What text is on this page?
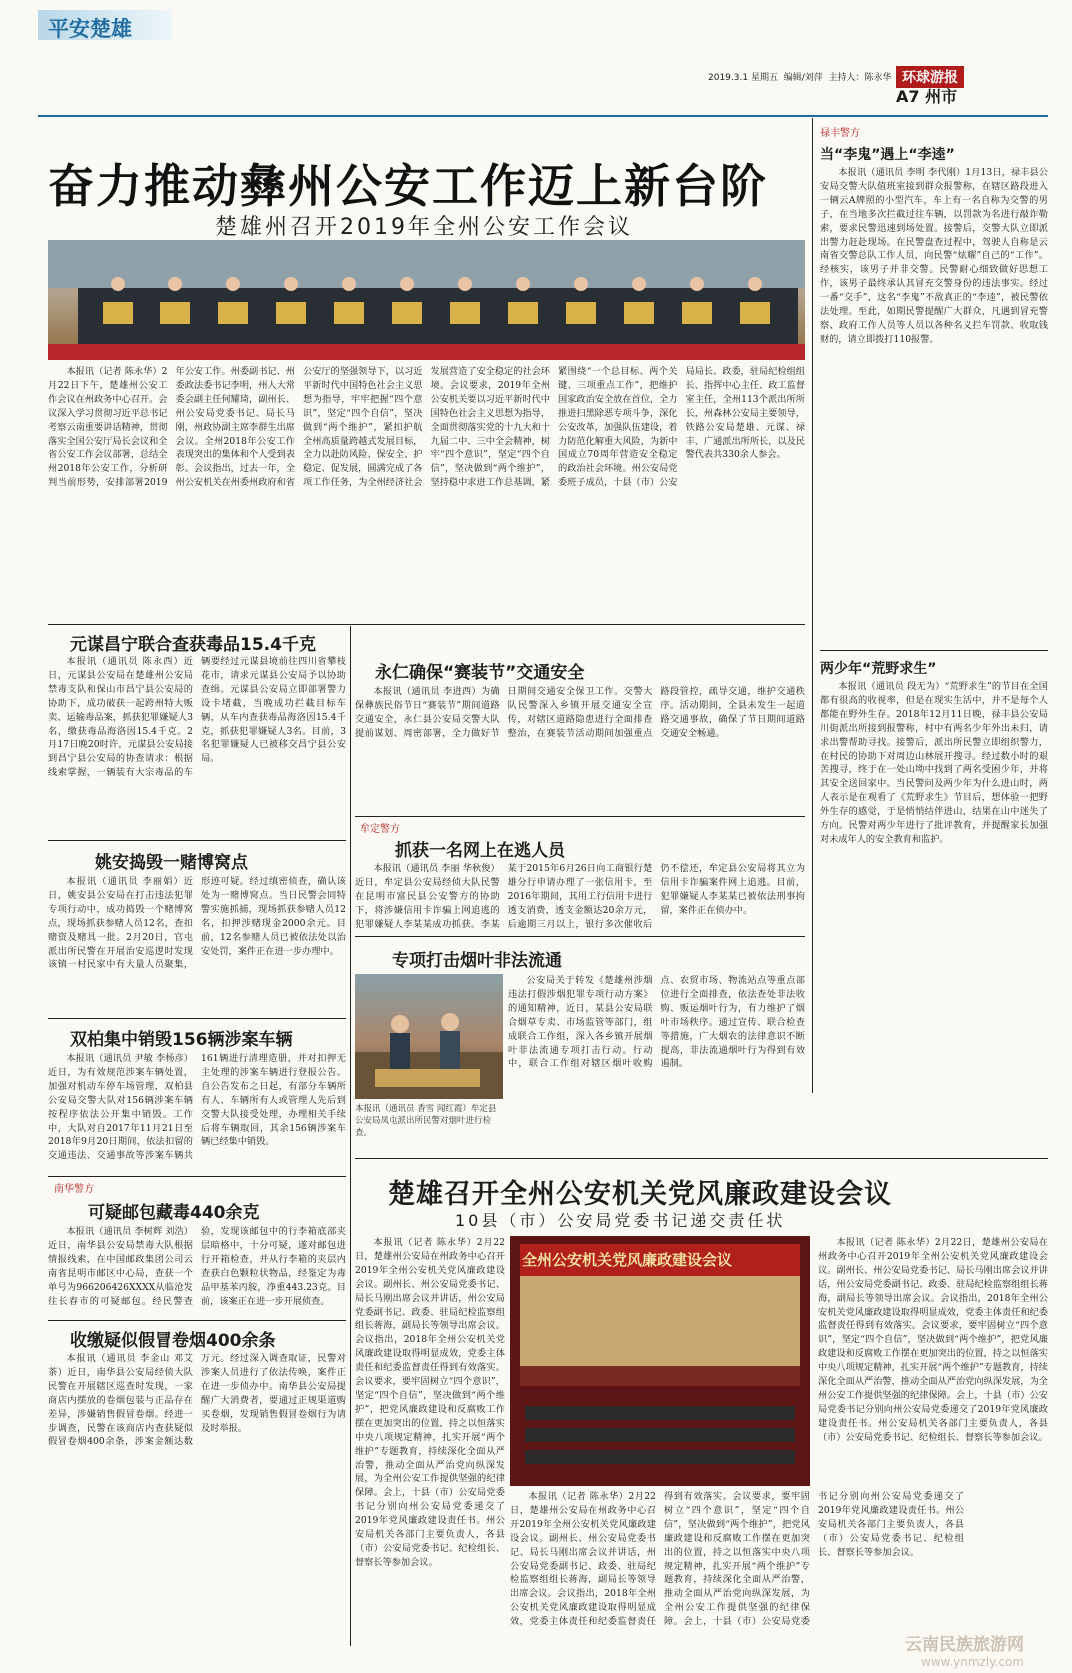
平安楚雄
2019.3.1 星期五 编辑/刘萍 主持人：陈永华 环球游报
A7 州市
奋力推动彝州公安工作迈上新台阶
楚雄州召开2019年全州公安工作会议
本报讯（记者 陈永华）2月22日下午，楚雄州公安工作会议在州政务中心召开。会议深入学习贯彻习近平总书记考察云南重要讲话精神，贯彻落实全国公安厅局长会议和全省公安工作会议部署，总结全州2018年公安工作，分析研判当前形势，安排部署2019年公安工作。州委副书记、州委政法委书记李明，州人大常委会副主任何耀琦，副州长、州公安局党委书记、局长马刚，州政协副主席李群生出席会议。全州2018年公安工作表现突出的集体和个人受到表彰。会议指出，过去一年，全州公安机关在州委州政府和省公安厅的坚强领导下，以习近平新时代中国特色社会主义思想为指导，牢牢把握“四个意识”，坚定“四个自信”，坚决做到“两个维护”，紧扣护航全州高质量跨越式发展目标，全力以赴防风险、保安全、护稳定、促发展，圆满完成了各项工作任务，为全州经济社会发展营造了安全稳定的社会环境。会议要求，2019年全州公安机关要以习近平新时代中国特色社会主义思想为指导，全面贯彻落实党的十九大和十九届二中、三中全会精神，树牢“四个意识”，坚定“四个自信”，坚决做到“两个维护”，坚持稳中求进工作总基调，紧紧围绕“一个总目标、两个关键、三项重点工作”，把维护国家政治安全放在首位，全力推进扫黑除恶专项斗争，深化公安改革，加强队伍建设，着力防范化解重大风险，为新中国成立70周年营造安全稳定的政治社会环境。州公安局党委班子成员，十县（市）公安局局长、政委，驻局纪检组组长、指挥中心主任、政工监督室主任，全州113个派出所所长，州森林公安局主要领导，铁路公安局楚雄、元谋、禄丰、广通派出所所长，以及民警代表共330余人参会。
禄丰警方
当“李鬼”遇上“李逵”
本报讯（通讯员 李明 李代刚）1月13日，禄丰县公安局交警大队值班室接到群众报警称，在辖区路段进入一辆云A牌照的小型汽车，车上有一名自称为交警的男子，在当地多次拦截过往车辆，以罚款为名进行敲诈勒索，要求民警迅速到场处置。接警后，交警大队立即派出警力赶赴现场。在民警盘查过程中，驾驶人自称是云南省交警总队工作人员，向民警“炫耀”自己的“工作”。经核实，该男子并非交警。民警耐心细致做好思想工作，该男子最终承认其冒充交警身份的违法事实。经过一番“交手”，这名“李鬼”不敌真正的“李逵”，被民警依法处理。至此，如期民警提醒广大群众，凡遇到冒充警察、政府工作人员等人员以各种名义拦车罚款、收取钱财的，请立即拨打110报警。
两少年“荒野求生”
本报讯（通讯员 段无为）“荒野求生”的节目在全国都有很高的收视率，但是在现实生活中，并不是每个人都能在野外生存。2018年12月11日晚，禄丰县公安局川街派出所接到报警称，村中有两名少年外出未归，请求出警帮助寻找。接警后，派出所民警立即组织警力，在村民的协助下对周边山林展开搜寻。经过数小时的艰苦搜寻，终于在一处山坳中找到了两名受困少年，并将其安全送回家中。当民警问及两少年为什么进山时，两人表示是在观看了《荒野求生》节目后，想体验一把野外生存的感觉，于是悄悄结伴进山，结果在山中迷失了方向。民警对两少年进行了批评教育，并提醒家长加强对未成年人的安全教育和监护。
元谋昌宁联合查获毒品15.4千克
本报讯（通讯员 陈永西）近日，元谋县公安局在楚雄州公安局禁毒支队和保山市昌宁县公安局的协助下，成功破获一起跨州特大贩卖、运输毒品案，抓获犯罪嫌疑人3名，缴获毒品海洛因15.4千克。2月17日晚20时许，元谋县公安局接到昌宁县公安局的协查请求：根据线索掌握，一辆装有大宗毒品的车辆要经过元谋县境前往四川省攀枝花市，请求元谋县公安局予以协助查缉。元谋县公安局立即部署警力设卡堵截，当晚成功拦截目标车辆，从车内查获毒品海洛因15.4千克，抓获犯罪嫌疑人3名。目前，3名犯罪嫌疑人已被移交昌宁县公安局。
姚安捣毁一赌博窝点
本报讯（通讯员 李丽娟）近日，姚安县公安局在打击违法犯罪专项行动中，成功捣毁一个赌博窝点，现场抓获参赌人员12名，查扣赌资及赌具一批。2月20日，官屯派出所民警在开展治安巡逻时发现该镇一村民家中有大量人员聚集，形迹可疑。经过缜密侦查，确认该处为一赌博窝点。当日民警会同特警实施抓捕，现场抓获参赌人员12名，扣押涉赌现金2000余元。目前，12名参赌人员已被依法处以治安处罚，案件正在进一步办理中。
双柏集中销毁156辆涉案车辆
本报讯（通讯员 尹敏 李杨彦）近日，为有效规范涉案车辆处置，加强对机动车停车场管理，双柏县公安局交警大队对156辆涉案车辆按程序依法公开集中销毁。工作中，大队对自2017年11月21日至2018年9月20日期间，依法扣留的交通违法、交通事故等涉案车辆共161辆进行清理造册，并对扣押无主处理的涉案车辆进行登报公告。自公告发布之日起，有部分车辆所有人、车辆所有人或管理人先后到交警大队接受处理，办理相关手续后将车辆取回，其余156辆涉案车辆已经集中销毁。
南华警方
可疑邮包藏毒440余克
本报讯（通讯员 李树辉 刘浩）近日，南华县公安局禁毒大队根据情报线索，在中国邮政集团公司云南省昆明市邮区中心局，查获一个单号为966206426XXXX从临沧发往长春市的可疑邮包。经民警查验，发现该邮包中的行李箱底部夹层暗格中，十分可疑，遂对邮包进行开箱检查，并从行李箱的夹层内查获白色颗粒状物品，经鉴定为毒品甲基苯丙胺，净重443.23克。目前，该案正在进一步开展侦查。
收缴疑似假冒卷烟400余条
本报讯（通讯员 李金山 邓艾茶）近日，南华县公安局经侦大队民警在开展辖区巡查时发现，一家商店内摆放的卷烟包装与正品存在差异，涉嫌销售假冒卷烟。经进一步调查，民警在该商店内查获疑似假冒卷烟400余条，涉案金额达数万元。经过深入调查取证，民警对涉案人员进行了依法传唤，案件正在进一步侦办中。南华县公安局提醒广大消费者，要通过正规渠道购买卷烟，发现销售假冒卷烟行为请及时举报。
永仁确保“赛装节”交通安全
本报讯（通讯员 李进西）为确保彝族民俗节日“赛装节”期间道路交通安全，永仁县公安局交警大队提前谋划、周密部署，全力做好节日期间交通安全保卫工作。交警大队民警深入乡镇开展交通安全宣传，对辖区道路隐患进行全面排查整治，在赛装节活动期间加强重点路段管控，疏导交通，维护交通秩序。活动期间，全县未发生一起道路交通事故，确保了节日期间道路交通安全畅通。
牟定警方
抓获一名网上在逃人员
本报讯（通讯员 李丽 华秋俊）近日，牟定县公安局经侦大队民警在昆明市富民县公安警方的协助下，将涉嫌信用卡诈骗上网追逃的犯罪嫌疑人李某某成功抓获。李某某于2015年6月26日向工商银行楚雄分行申请办理了一张信用卡，至2016年期间，其用工行信用卡进行透支消费，透支金额达20余万元，后逾期三月以上，银行多次催收后仍不偿还，牟定县公安局将其立为信用卡诈骗案件网上追逃。目前，犯罪嫌疑人李某某已被依法刑事拘留，案件正在侦办中。
专项打击烟叶非法流通
公安局关于转发《楚雄州涉烟违法打假涉烟犯罪专项行动方案》的通知精神，近日，某县公安局联合烟草专卖、市场监管等部门，组成联合工作组，深入各乡镇开展烟叶非法流通专项打击行动。行动中，联合工作组对辖区烟叶收购点、农贸市场、物流站点等重点部位进行全面排查，依法查处非法收购、贩运烟叶行为，有力维护了烟叶市场秩序。通过宣传、联合检查等措施，广大烟农的法律意识不断提高，非法流通烟叶行为得到有效遏制。
本报讯（通讯员 香雪 闻红霞）牟定县公安局凤屯派出所民警对烟叶进行检查。
楚雄召开全州公安机关党风廉政建设会议
10县（市）公安局党委书记递交责任状
本报讯（记者 陈永华）2月22日，楚雄州公安局在州政务中心召开2019年全州公安机关党风廉政建设会议。副州长、州公安局党委书记、局长马刚出席会议并讲话，州公安局党委副书记、政委、驻局纪检监察组组长蒋海，副局长等领导出席会议。会议指出，2018年全州公安机关党风廉政建设取得明显成效，党委主体责任和纪委监督责任得到有效落实。会议要求，要牢固树立“四个意识”，坚定“四个自信”，坚决做到“两个维护”，把党风廉政建设和反腐败工作摆在更加突出的位置，持之以恒落实中央八项规定精神，扎实开展“两个维护”专题教育，持续深化全面从严治警，推动全面从严治党向纵深发展，为全州公安工作提供坚强的纪律保障。会上，十县（市）公安局党委书记分别向州公安局党委递交了2019年党风廉政建设责任书。州公安局机关各部门主要负责人，各县（市）公安局党委书记、纪检组长、督察长等参加会议。
全州公安机关党风廉政建设会议
本报讯（记者 陈永华）2月22日，楚雄州公安局在州政务中心召开2019年全州公安机关党风廉政建设会议。副州长、州公安局党委书记、局长马刚出席会议并讲话，州公安局党委副书记、政委、驻局纪检监察组组长蒋海，副局长等领导出席会议。会议指出，2018年全州公安机关党风廉政建设取得明显成效，党委主体责任和纪委监督责任得到有效落实。会议要求，要牢固树立“四个意识”，坚定“四个自信”，坚决做到“两个维护”，把党风廉政建设和反腐败工作摆在更加突出的位置，持之以恒落实中央八项规定精神，扎实开展“两个维护”专题教育，持续深化全面从严治警，推动全面从严治党向纵深发展，为全州公安工作提供坚强的纪律保障。会上，十县（市）公安局党委书记分别向州公安局党委递交了2019年党风廉政建设责任书。州公安局机关各部门主要负责人，各县（市）公安局党委书记、纪检组长、督察长等参加会议。
本报讯（记者 陈永华）2月22日，楚雄州公安局在州政务中心召开2019年全州公安机关党风廉政建设会议。副州长、州公安局党委书记、局长马刚出席会议并讲话，州公安局党委副书记、政委、驻局纪检监察组组长蒋海，副局长等领导出席会议。会议指出，2018年全州公安机关党风廉政建设取得明显成效，党委主体责任和纪委监督责任得到有效落实。会议要求，要牢固树立“四个意识”，坚定“四个自信”，坚决做到“两个维护”，把党风廉政建设和反腐败工作摆在更加突出的位置，持之以恒落实中央八项规定精神，扎实开展“两个维护”专题教育，持续深化全面从严治警，推动全面从严治党向纵深发展，为全州公安工作提供坚强的纪律保障。会上，十县（市）公安局党委书记分别向州公安局党委递交了2019年党风廉政建设责任书。州公安局机关各部门主要负责人，各县（市）公安局党委书记、纪检组长、督察长等参加会议。
云南民族旅游网
www.ynmzly.com
